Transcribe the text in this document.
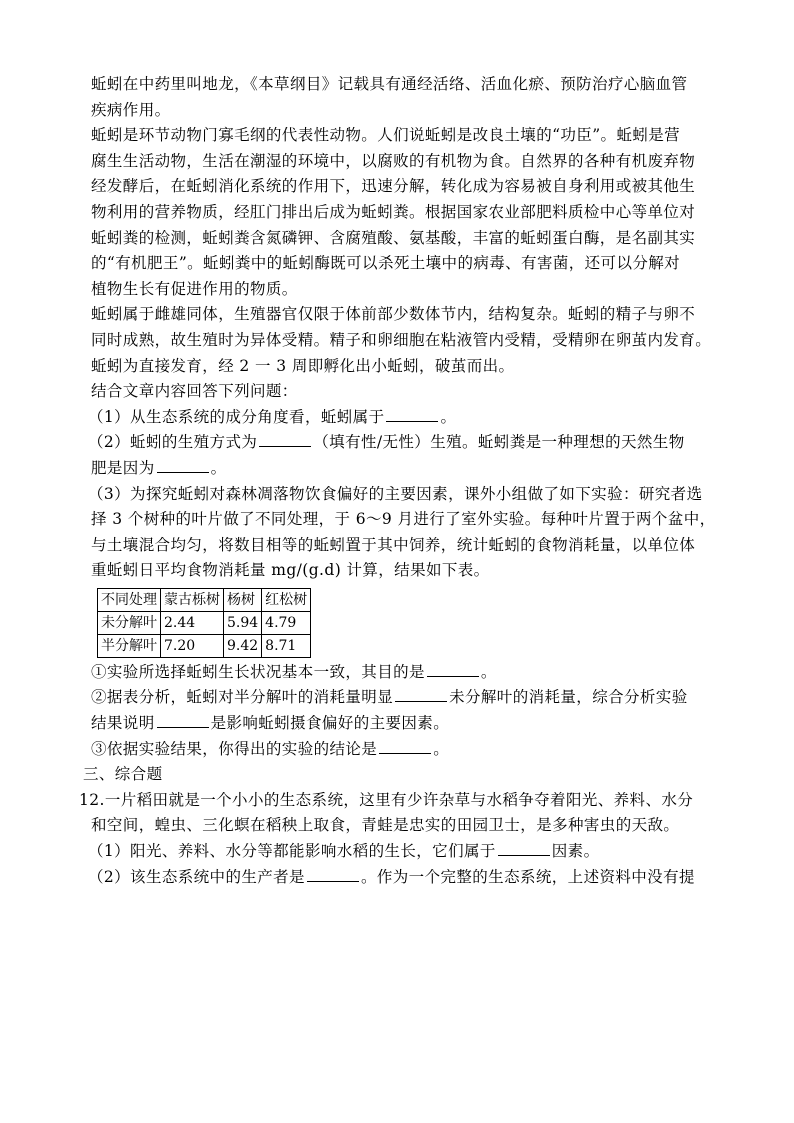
蚯蚓在中药里叫地龙，《本草纲目》记载具有通经活络、活血化瘀、预防治疗心脑血管
疾病作用。
蚯蚓是环节动物门寡毛纲的代表性动物。人们说蚯蚓是改良土壤的“功臣”。蚯蚓是营
腐生生活动物，生活在潮湿的环境中，以腐败的有机物为食。自然界的各种有机废弃物
经发酵后，在蚯蚓消化系统的作用下，迅速分解，转化成为容易被自身利用或被其他生
物利用的营养物质，经肛门排出后成为蚯蚓粪。根据国家农业部肥料质检中心等单位对
蚯蚓粪的检测，蚯蚓粪含氮磷钾、含腐殖酸、氨基酸，丰富的蚯蚓蛋白酶，是名副其实
的“有机肥王”。蚯蚓粪中的蚯蚓酶既可以杀死土壤中的病毒、有害菌，还可以分解对
植物生长有促进作用的物质。
蚯蚓属于雌雄同体，生殖器官仅限于体前部少数体节内，结构复杂。蚯蚓的精子与卵不
同时成熟，故生殖时为异体受精。精子和卵细胞在粘液管内受精，受精卵在卵茧内发育。
蚯蚓为直接发育，经 2 一 3 周即孵化出小蚯蚓，破茧而出。
结合文章内容回答下列问题：
（1）从生态系统的成分角度看，蚯蚓属于	。
（2）蚯蚓的生殖方式为	（填有性/无性）生殖。蚯蚓粪是一种理想的天然生物
肥是因为	。
（3）为探究蚯蚓对森林凋落物饮食偏好的主要因素，课外小组做了如下实验：研究者选
择 3 个树种的叶片做了不同处理，于 6～9 月进行了室外实验。每种叶片置于两个盆中，
与土壤混合均匀，将数目相等的蚯蚓置于其中饲养，统计蚯蚓的食物消耗量，以单位体
重蚯蚓日平均食物消耗量 mg/(g.d) 计算，结果如下表。
不同处理	蒙古栎树	杨树	红松树
未分解叶	2.44	5.94	4.79
半分解叶	7.20	9.42	8.71
①实验所选择蚯蚓生长状况基本一致，其目的是	。
②据表分析，蚯蚓对半分解叶的消耗量明显	未分解叶的消耗量，综合分析实验
结果说明	是影响蚯蚓摄食偏好的主要因素。
③依据实验结果，你得出的实验的结论是	。
三、综合题
12.一片稻田就是一个小小的生态系统，这里有少许杂草与水稻争夺着阳光、养料、水分
和空间，蝗虫、三化螟在稻秧上取食，青蛙是忠实的田园卫士，是多种害虫的天敌。
（1）阳光、养料、水分等都能影响水稻的生长，它们属于	因素。
（2）该生态系统中的生产者是	。作为一个完整的生态系统，上述资料中没有提
